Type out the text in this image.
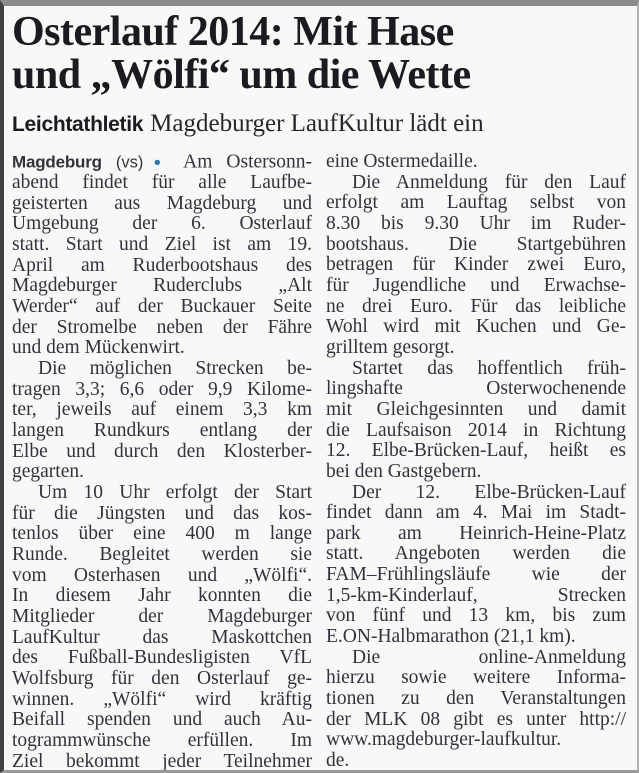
Osterlauf 2014: Mit Hase
und „Wölfi“ um die Wette
Leichtathletik Magdeburger LaufKultur lädt ein
Magdeburg (vs)● Am Ostersonn-
abend findet für alle Laufbe-
geisterten aus Magdeburg und
Umgebung der 6. Osterlauf
statt. Start und Ziel ist am 19.
April am Ruderbootshaus des
Magdeburger Ruderclubs „Alt
Werder“ auf der Buckauer Seite
der Stromelbe neben der Fähre
und dem Mückenwirt.
Die möglichen Strecken be-
tragen 3,3; 6,6 oder 9,9 Kilome-
ter, jeweils auf einem 3,3 km
langen Rundkurs entlang der
Elbe und durch den Klosterber-
gegarten.
Um 10 Uhr erfolgt der Start
für die Jüngsten und das kos-
tenlos über eine 400 m lange
Runde. Begleitet werden sie
vom Osterhasen und „Wölfi“.
In diesem Jahr konnten die
Mitglieder der Magdeburger
LaufKultur das Maskottchen
des Fußball-Bundesligisten VfL
Wolfsburg für den Osterlauf ge-
winnen. „Wölfi“ wird kräftig
Beifall spenden und auch Au-
togrammwünsche erfüllen. Im
Ziel bekommt jeder Teilnehmer
eine Ostermedaille.
Die Anmeldung für den Lauf
erfolgt am Lauftag selbst von
8.30 bis 9.30 Uhr im Ruder-
bootshaus. Die Startgebühren
betragen für Kinder zwei Euro,
für Jugendliche und Erwachse-
ne drei Euro. Für das leibliche
Wohl wird mit Kuchen und Ge-
grilltem gesorgt.
Startet das hoffentlich früh-
lingshafte Osterwochenende
mit Gleichgesinnten und damit
die Laufsaison 2014 in Richtung
12. Elbe-Brücken-Lauf, heißt es
bei den Gastgebern.
Der 12. Elbe-Brücken-Lauf
findet dann am 4. Mai im Stadt-
park am Heinrich-Heine-Platz
statt. Angeboten werden die
FAM–Frühlingsläufe wie der
1,5-km-Kinderlauf, Strecken
von fünf und 13 km, bis zum
E.ON-Halbmarathon (21,1 km).
Die online-Anmeldung
hierzu sowie weitere Informa-
tionen zu den Veranstaltungen
der MLK 08 gibt es unter http://
www.magdeburger-laufkultur.
de.
